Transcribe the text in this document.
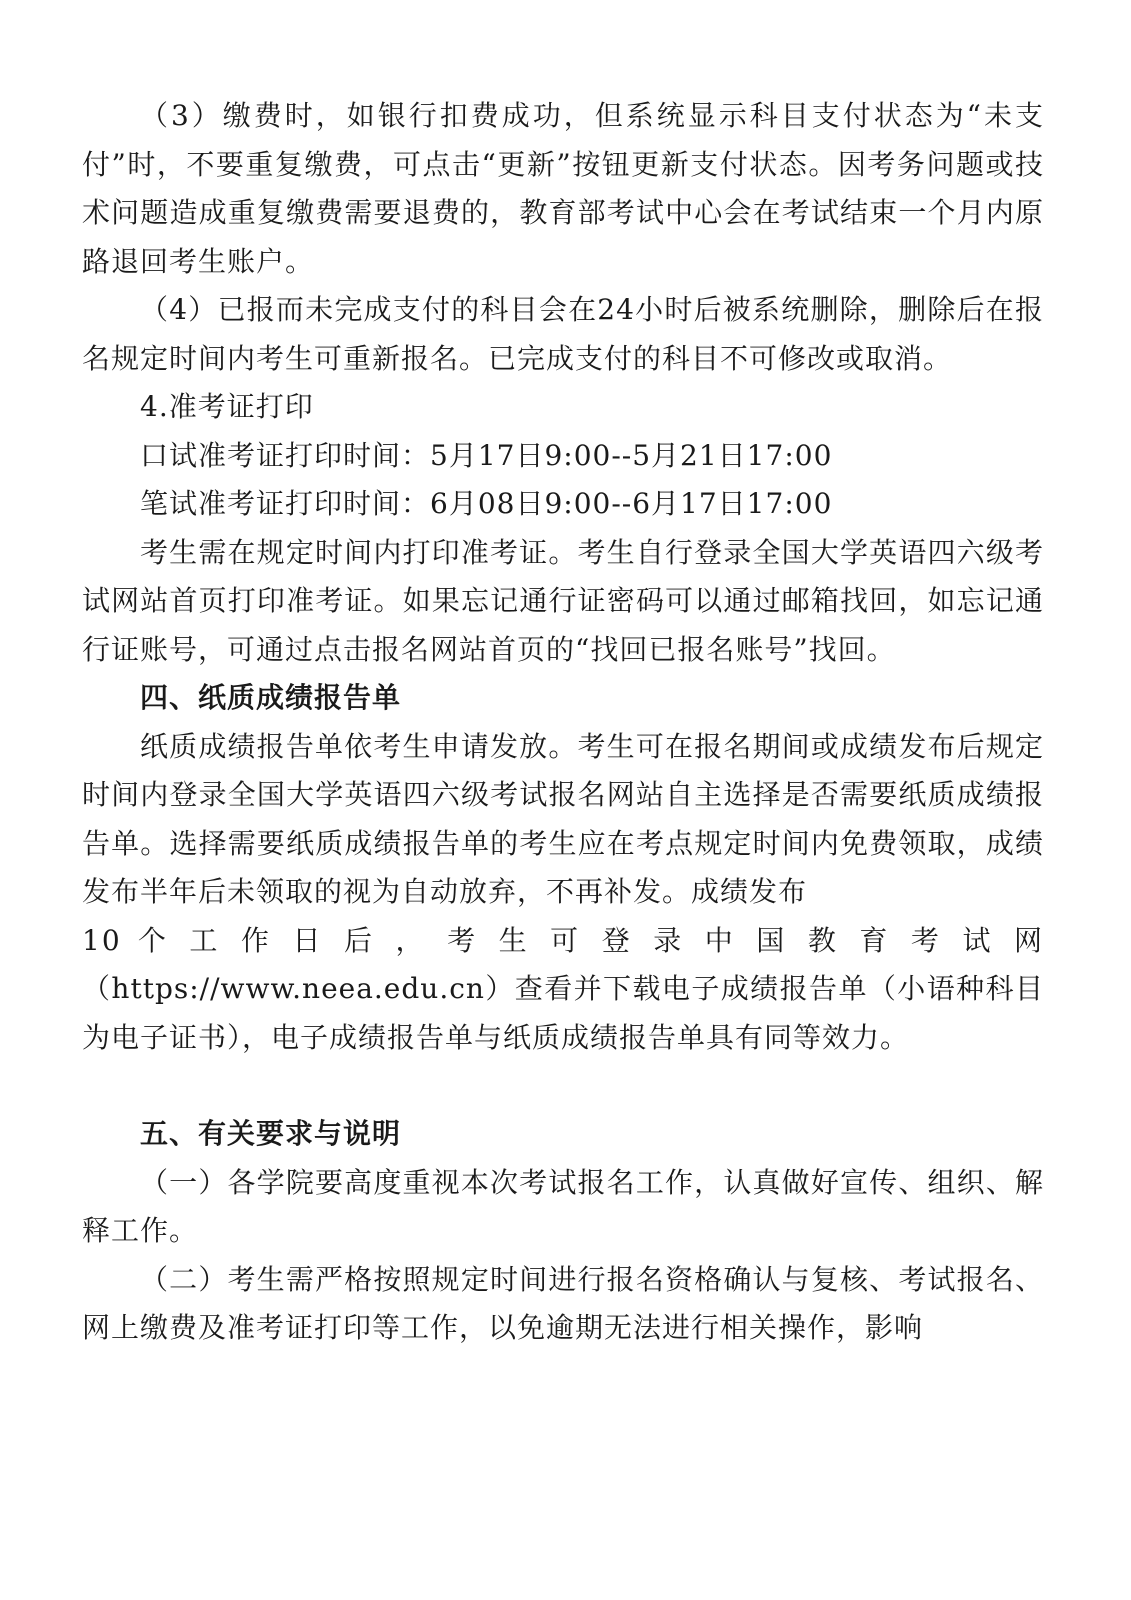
（3）缴费时，如银行扣费成功，但系统显示科目支付状态为“未支付”时，不要重复缴费，可点击“更新”按钮更新支付状态。因考务问题或技术问题造成重复缴费需要退费的，教育部考试中心会在考试结束一个月内原路退回考生账户。

（4）已报而未完成支付的科目会在24小时后被系统删除，删除后在报名规定时间内考生可重新报名。已完成支付的科目不可修改或取消。

4.准考证打印

口试准考证打印时间：5月17日9:00--5月21日17:00

笔试准考证打印时间：6月08日9:00--6月17日17:00

考生需在规定时间内打印准考证。考生自行登录全国大学英语四六级考试网站首页打印准考证。如果忘记通行证密码可以通过邮箱找回，如忘记通行证账号，可通过点击报名网站首页的“找回已报名账号”找回。

四、纸质成绩报告单

纸质成绩报告单依考生申请发放。考生可在报名期间或成绩发布后规定时间内登录全国大学英语四六级考试报名网站自主选择是否需要纸质成绩报告单。选择需要纸质成绩报告单的考生应在考点规定时间内免费领取，成绩发布半年后未领取的视为自动放弃，不再补发。成绩发布

10 个 工 作 日 后 ， 考 生 可 登 录 中 国 教 育 考 试 网

（https://www.neea.edu.cn）查看并下载电子成绩报告单（小语种科目为电子证书），电子成绩报告单与纸质成绩报告单具有同等效力。

五、有关要求与说明

（一）各学院要高度重视本次考试报名工作，认真做好宣传、组织、解释工作。

（二）考生需严格按照规定时间进行报名资格确认与复核、考试报名、网上缴费及准考证打印等工作，以免逾期无法进行相关操作，影响
